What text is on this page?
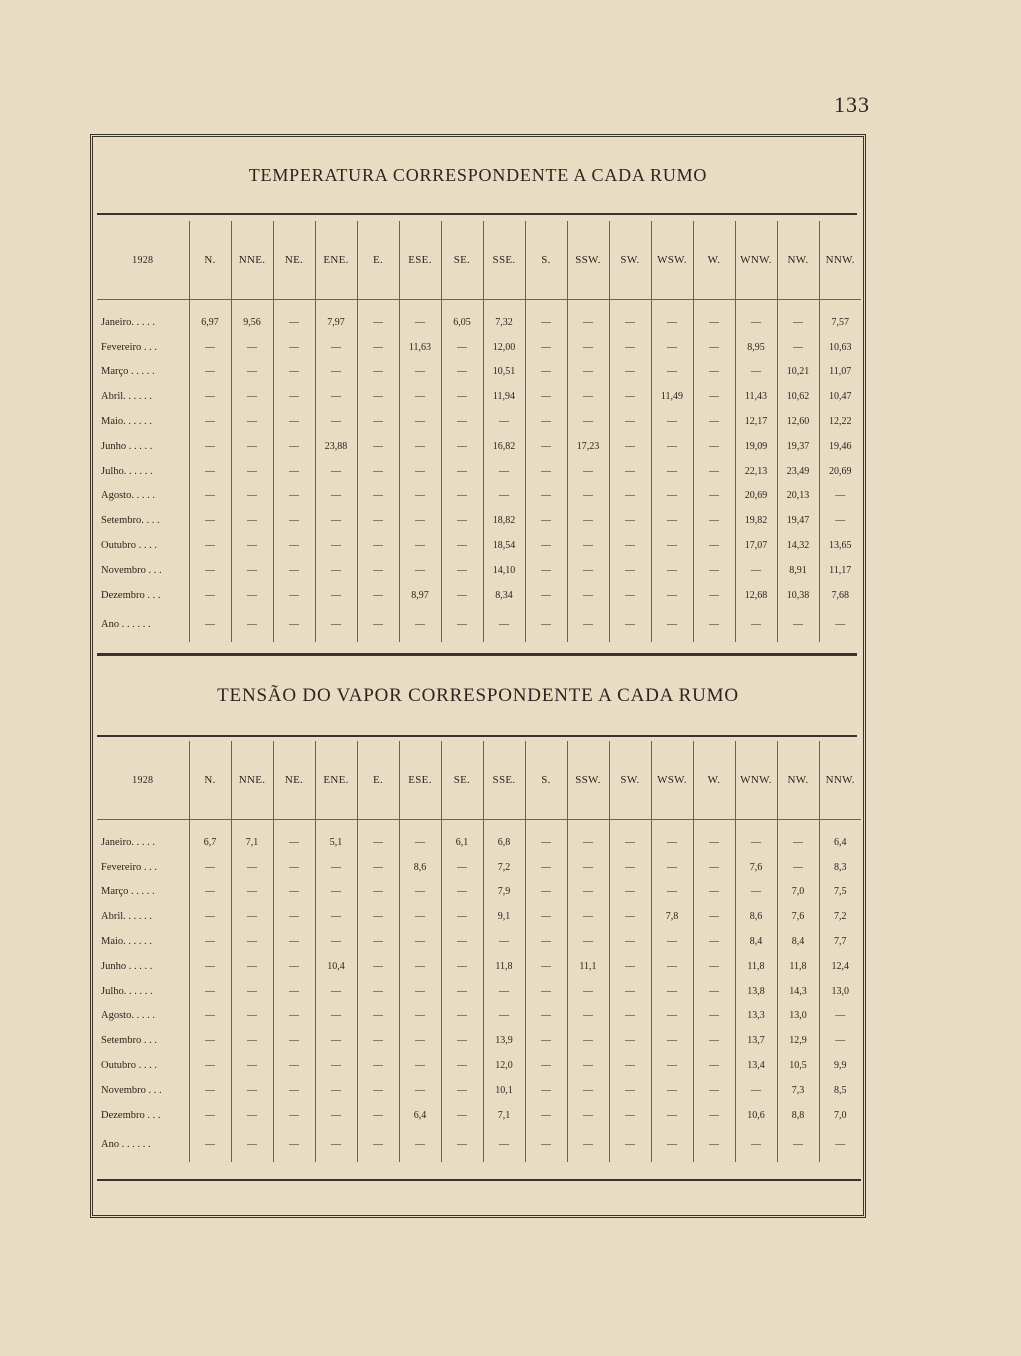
133
TEMPERATURA CORRESPONDENTE A CADA RUMO
1928	N.	NNE.	NE.	ENE.	E.	ESE.	SE.	SSE.	S.	SSW.	SW.	WSW.	W.	WNW.	NW.	NNW.

Janeiro. . . . .	6,97	9,56	—	7,97	—	—	6,05	7,32	—	—	—	—	—	—	—	7,57
Fevereiro . . .	—	—	—	—	—	11,63	—	12,00	—	—	—	—	—	8,95	—	10,63
Março . . . . .	—	—	—	—	—	—	—	10,51	—	—	—	—	—	—	10,21	11,07
Abril. . . . . .	—	—	—	—	—	—	—	11,94	—	—	—	11,49	—	11,43	10,62	10,47
Maio. . . . . .	—	—	—	—	—	—	—	—	—	—	—	—	—	12,17	12,60	12,22
Junho . . . . .	—	—	—	23,88	—	—	—	16,82	—	17,23	—	—	—	19,09	19,37	19,46
Julho. . . . . .	—	—	—	—	—	—	—	—	—	—	—	—	—	22,13	23,49	20,69
Agosto. . . . .	—	—	—	—	—	—	—	—	—	—	—	—	—	20,69	20,13	—
Setembro. . . .	—	—	—	—	—	—	—	18,82	—	—	—	—	—	19,82	19,47	—
Outubro . . . .	—	—	—	—	—	—	—	18,54	—	—	—	—	—	17,07	14,32	13,65
Novembro . . .	—	—	—	—	—	—	—	14,10	—	—	—	—	—	—	8,91	11,17
Dezembro . . .	—	—	—	—	—	8,97	—	8,34	—	—	—	—	—	12,68	10,38	7,68
Ano . . . . . .	—	—	—	—	—	—	—	—	—	—	—	—	—	—	—	—
TENSÃO DO VAPOR CORRESPONDENTE A CADA RUMO
1928	N.	NNE.	NE.	ENE.	E.	ESE.	SE.	SSE.	S.	SSW.	SW.	WSW.	W.	WNW.	NW.	NNW.

Janeiro. . . . .	6,7	7,1	—	5,1	—	—	6,1	6,8	—	—	—	—	—	—	—	6,4
Fevereiro . . .	—	—	—	—	—	8,6	—	7,2	—	—	—	—	—	7,6	—	8,3
Março . . . . .	—	—	—	—	—	—	—	7,9	—	—	—	—	—	—	7,0	7,5
Abril. . . . . .	—	—	—	—	—	—	—	9,1	—	—	—	7,8	—	8,6	7,6	7,2
Maio. . . . . .	—	—	—	—	—	—	—	—	—	—	—	—	—	8,4	8,4	7,7
Junho . . . . .	—	—	—	10,4	—	—	—	11,8	—	11,1	—	—	—	11,8	11,8	12,4
Julho. . . . . .	—	—	—	—	—	—	—	—	—	—	—	—	—	13,8	14,3	13,0
Agosto. . . . .	—	—	—	—	—	—	—	—	—	—	—	—	—	13,3	13,0	—
Setembro . . .	—	—	—	—	—	—	—	13,9	—	—	—	—	—	13,7	12,9	—
Outubro . . . .	—	—	—	—	—	—	—	12,0	—	—	—	—	—	13,4	10,5	9,9
Novembro . . .	—	—	—	—	—	—	—	10,1	—	—	—	—	—	—	7,3	8,5
Dezembro . . .	—	—	—	—	—	6,4	—	7,1	—	—	—	—	—	10,6	8,8	7,0
Ano . . . . . .	—	—	—	—	—	—	—	—	—	—	—	—	—	—	—	—
